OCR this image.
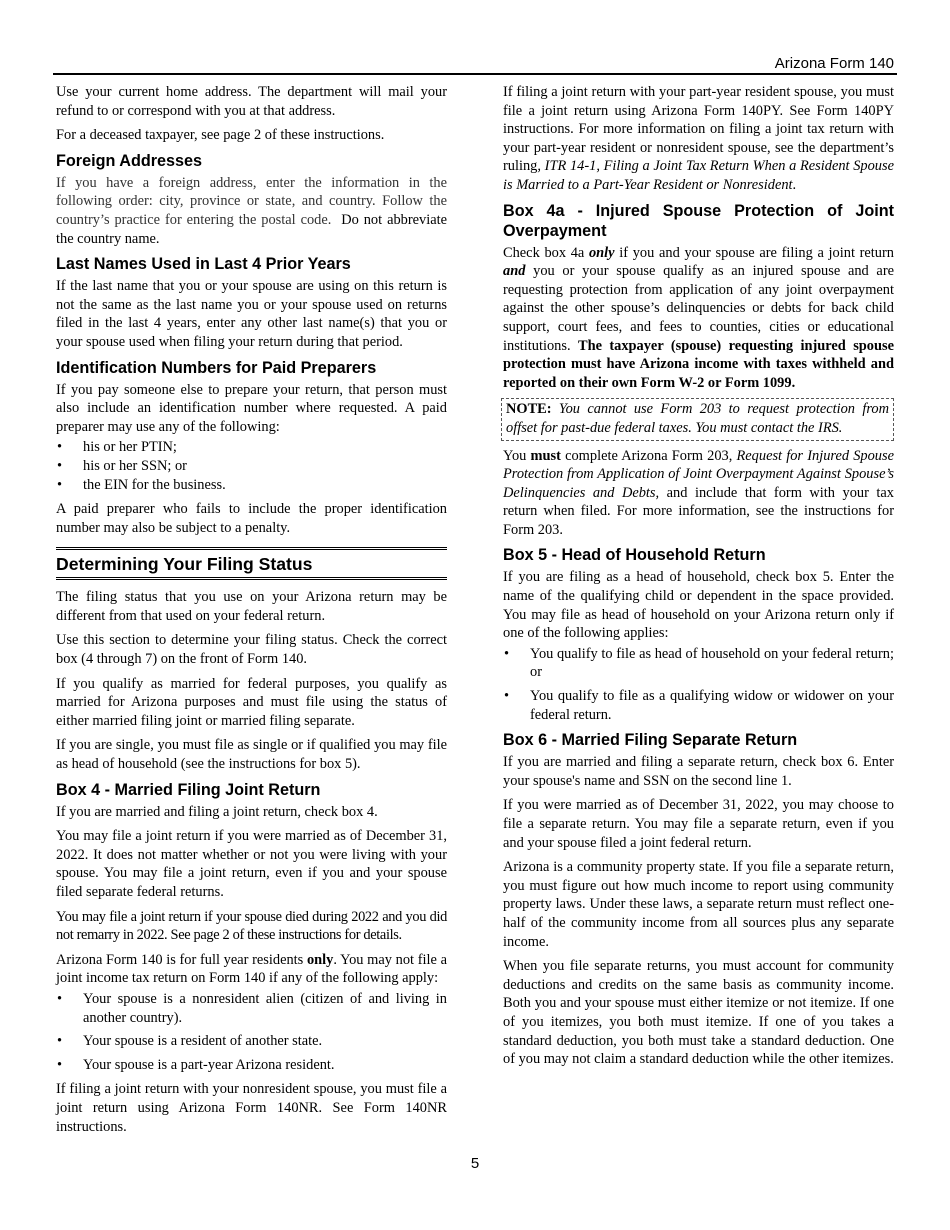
Arizona Form 140

Use your current home address. The department will mail your refund to or correspond with you at that address.

For a deceased taxpayer, see page 2 of these instructions.

Foreign Addresses

If you have a foreign address, enter the information in the following order: city, province or state, and country. Follow the country’s practice for entering the postal code. Do not abbreviate the country name.

Last Names Used in Last 4 Prior Years

If the last name that you or your spouse are using on this return is not the same as the last name you or your spouse used on returns filed in the last 4 years, enter any other last name(s) that you or your spouse used when filing your return during that period.

Identification Numbers for Paid Preparers

If you pay someone else to prepare your return, that person must also include an identification number where requested. A paid preparer may use any of the following:

• his or her PTIN;
• his or her SSN; or
• the EIN for the business.

A paid preparer who fails to include the proper identification number may also be subject to a penalty.

Determining Your Filing Status

The filing status that you use on your Arizona return may be different from that used on your federal return.

Use this section to determine your filing status. Check the correct box (4 through 7) on the front of Form 140.

If you qualify as married for federal purposes, you qualify as married for Arizona purposes and must file using the status of either married filing joint or married filing separate.

If you are single, you must file as single or if qualified you may file as head of household (see the instructions for box 5).

Box 4 - Married Filing Joint Return

If you are married and filing a joint return, check box 4.

You may file a joint return if you were married as of December 31, 2022. It does not matter whether or not you were living with your spouse. You may file a joint return, even if you and your spouse filed separate federal returns.

You may file a joint return if your spouse died during 2022 and you did not remarry in 2022. See page 2 of these instructions for details.

Arizona Form 140 is for full year residents only. You may not file a joint income tax return on Form 140 if any of the following apply:

• Your spouse is a nonresident alien (citizen of and living in another country).
• Your spouse is a resident of another state.
• Your spouse is a part-year Arizona resident.

If filing a joint return with your nonresident spouse, you must file a joint return using Arizona Form 140NR. See Form 140NR instructions.

If filing a joint return with your part-year resident spouse, you must file a joint return using Arizona Form 140PY. See Form 140PY instructions. For more information on filing a joint tax return with your part-year resident or nonresident spouse, see the department’s ruling, ITR 14-1, Filing a Joint Tax Return When a Resident Spouse is Married to a Part-Year Resident or Nonresident.

Box 4a - Injured Spouse Protection of Joint Overpayment

Check box 4a only if you and your spouse are filing a joint return and you or your spouse qualify as an injured spouse and are requesting protection from application of any joint overpayment against the other spouse’s delinquencies or debts for back child support, court fees, and fees to counties, cities or educational institutions. The taxpayer (spouse) requesting injured spouse protection must have Arizona income with taxes withheld and reported on their own Form W-2 or Form 1099.

NOTE: You cannot use Form 203 to request protection from offset for past-due federal taxes. You must contact the IRS.

You must complete Arizona Form 203, Request for Injured Spouse Protection from Application of Joint Overpayment Against Spouse’s Delinquencies and Debts, and include that form with your tax return when filed. For more information, see the instructions for Form 203.

Box 5 - Head of Household Return

If you are filing as a head of household, check box 5. Enter the name of the qualifying child or dependent in the space provided. You may file as head of household on your Arizona return only if one of the following applies:

• You qualify to file as head of household on your federal return; or
• You qualify to file as a qualifying widow or widower on your federal return.
Box 6 - Married Filing Separate Return

If you are married and filing a separate return, check box 6. Enter your spouse's name and SSN on the second line 1.

If you were married as of December 31, 2022, you may choose to file a separate return. You may file a separate return, even if you and your spouse filed a joint federal return.

Arizona is a community property state. If you file a separate return, you must figure out how much income to report using community property laws. Under these laws, a separate return must reflect one-half of the community income from all sources plus any separate income.

When you file separate returns, you must account for community deductions and credits on the same basis as community income. Both you and your spouse must either itemize or not itemize. If one of you itemizes, you both must itemize. If one of you takes a standard deduction, you both must take a standard deduction. One of you may not claim a standard deduction while the other itemizes.

5
